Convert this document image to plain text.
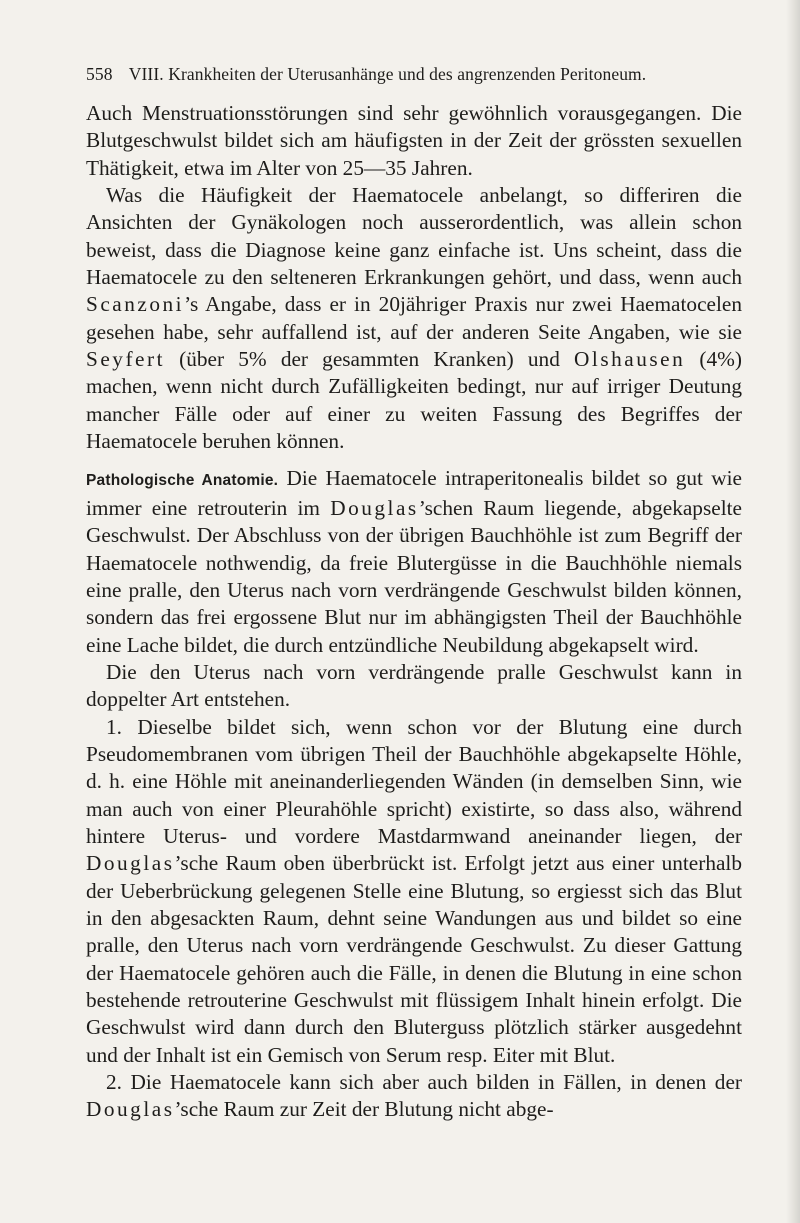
558 VIII. Krankheiten der Uterusanhänge und des angrenzenden Peritoneum.

Auch Menstruationsstörungen sind sehr gewöhnlich vorausgegangen. Die Blutgeschwulst bildet sich am häufigsten in der Zeit der grössten sexuellen Thätigkeit, etwa im Alter von 25—35 Jahren.

Was die Häufigkeit der Haematocele anbelangt, so differiren die Ansichten der Gynäkologen noch ausserordentlich, was allein schon beweist, dass die Diagnose keine ganz einfache ist. Uns scheint, dass die Haematocele zu den selteneren Erkrankungen gehört, und dass, wenn auch Scanzoni’s Angabe, dass er in 20jähriger Praxis nur zwei Haematocelen gesehen habe, sehr auffallend ist, auf der anderen Seite Angaben, wie sie Seyfert (über 5% der gesammten Kranken) und Olshausen (4%) machen, wenn nicht durch Zufälligkeiten bedingt, nur auf irriger Deutung mancher Fälle oder auf einer zu weiten Fassung des Begriffes der Haematocele beruhen können.

Pathologische Anatomie. Die Haematocele intraperitonealis bildet so gut wie immer eine retrouterin im Douglas’schen Raum liegende, abgekapselte Geschwulst. Der Abschluss von der übrigen Bauchhöhle ist zum Begriff der Haematocele nothwendig, da freie Blutergüsse in die Bauchhöhle niemals eine pralle, den Uterus nach vorn verdrängende Geschwulst bilden können, sondern das frei ergossene Blut nur im abhängigsten Theil der Bauchhöhle eine Lache bildet, die durch entzündliche Neubildung abgekapselt wird.

Die den Uterus nach vorn verdrängende pralle Geschwulst kann in doppelter Art entstehen.

1. Dieselbe bildet sich, wenn schon vor der Blutung eine durch Pseudomembranen vom übrigen Theil der Bauchhöhle abgekapselte Höhle, d. h. eine Höhle mit aneinanderliegenden Wänden (in demselben Sinn, wie man auch von einer Pleurahöhle spricht) existirte, so dass also, während hintere Uterus- und vordere Mastdarmwand aneinander liegen, der Douglas’sche Raum oben überbrückt ist. Erfolgt jetzt aus einer unterhalb der Ueberbrückung gelegenen Stelle eine Blutung, so ergiesst sich das Blut in den abgesackten Raum, dehnt seine Wandungen aus und bildet so eine pralle, den Uterus nach vorn verdrängende Geschwulst. Zu dieser Gattung der Haematocele gehören auch die Fälle, in denen die Blutung in eine schon bestehende retrouterine Geschwulst mit flüssigem Inhalt hinein erfolgt. Die Geschwulst wird dann durch den Bluterguss plötzlich stärker ausgedehnt und der Inhalt ist ein Gemisch von Serum resp. Eiter mit Blut.

2. Die Haematocele kann sich aber auch bilden in Fällen, in denen der Douglas’sche Raum zur Zeit der Blutung nicht abge-
